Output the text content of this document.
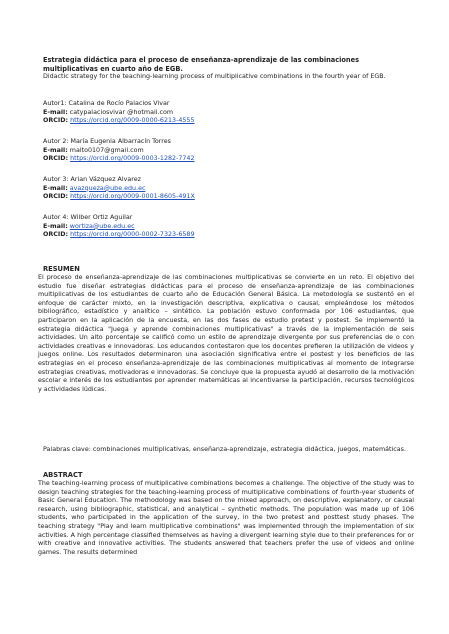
Estrategia didáctica para el proceso de enseñanza-aprendizaje de las combinaciones multiplicativas en cuarto año de EGB.
Didactic strategy for the teaching-learning process of multiplicative combinations in the fourth year of EGB.
Autor1: Catalina de Rocío Palacios Vivar
E-mail: catypalaciosvivar @hotmail.com
ORCID: https://orcid.org/0009-0000-6213-4555
Autor 2: María Eugenia Albarracín Torres
E-mail: malto0107@gmail.com
ORCID: https://orcid.org/0009-0003-1282-7742
Autor 3: Arian Vázquez Alvarez
E-mail: avazqueza@ube.edu.ec
ORCID: https://orcid.org/0009-0001-8605-491X
Autor 4: Wilber Ortiz Aguilar
E-mail: wortiza@ube.edu.ec
ORCID: https://orcid.org/0000-0002-7323-6589
RESUMEN
El proceso de enseñanza-aprendizaje de las combinaciones multiplicativas se convierte en un reto. El objetivo del estudio fue diseñar estrategias didácticas para el proceso de enseñanza-aprendizaje de las combinaciones multiplicativas de los estudiantes de cuarto año de Educación General Básica. La metodología se sustentó en el enfoque de carácter mixto, en la investigación descriptiva, explicativa o causal, empleándose los métodos bibliográfico, estadístico y analítico – sintético. La población estuvo conformada por 106 estudiantes, que participaron en la aplicación de la encuesta, en las dos fases de estudio pretest y postest. Se implementó la estrategia didáctica "Juega y aprende combinaciones multiplicativas" a través de la implementación de seis actividades. Un alto porcentaje se calificó como un estilo de aprendizaje divergente por sus preferencias de o con actividades creativas e innovadoras. Los educandos contestaron que los docentes prefieren la utilización de videos y juegos online. Los resultados determinaron una asociación significativa entre el postest y los beneficios de las estrategias en el proceso enseñanza-aprendizaje de las combinaciones multiplicativas al momento de integrarse estrategias creativas, motivadoras e innovadoras. Se concluye que la propuesta ayudó al desarrollo de la motivación escolar e interés de los estudiantes por aprender matemáticas al incentivarse la participación, recursos tecnológicos y actividades lúdicas.
Palabras clave: combinaciones multiplicativas, enseñanza-aprendizaje, estrategia didáctica, juegos, matemáticas.
ABSTRACT
The teaching-learning process of multiplicative combinations becomes a challenge. The objective of the study was to design teaching strategies for the teaching-learning process of multiplicative combinations of fourth-year students of Basic General Education. The methodology was based on the mixed approach, on descriptive, explanatory, or causal research, using bibliographic, statistical, and analytical – synthetic methods. The population was made up of 106 students, who participated in the application of the survey, in the two pretest and posttest study phases. The teaching strategy "Play and learn multiplicative combinations" was implemented through the implementation of six activities. A high percentage classified themselves as having a divergent learning style due to their preferences for or with creative and innovative activities. The students answered that teachers prefer the use of videos and online games. The results determined
